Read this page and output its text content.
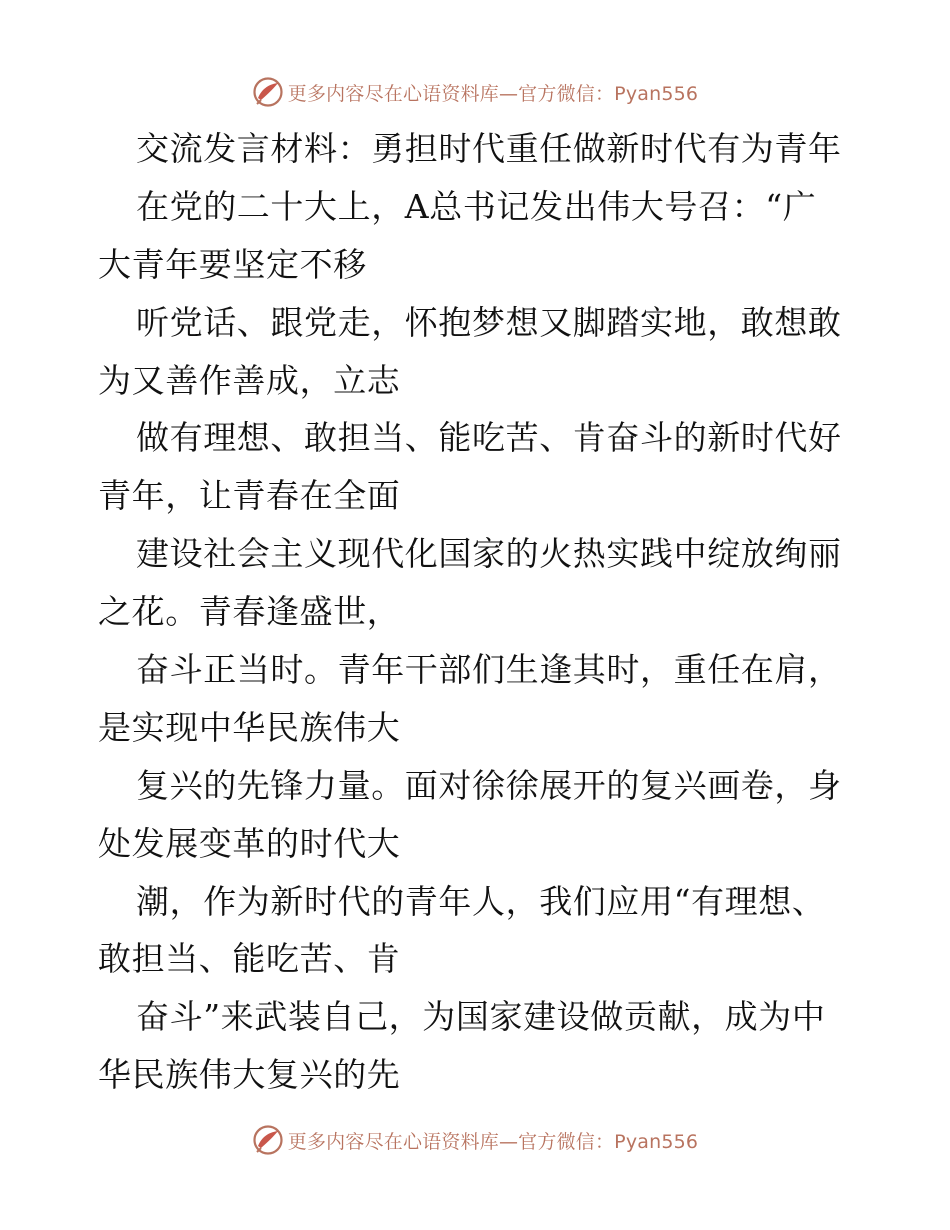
更多内容尽在心语资料库—官方微信：Pyan556
交流发言材料：勇担时代重任做新时代有为青年
在党的二十大上，A总书记发出伟大号召：“广
大青年要坚定不移
听党话、跟党走，怀抱梦想又脚踏实地，敢想敢
为又善作善成，立志
做有理想、敢担当、能吃苦、肯奋斗的新时代好
青年，让青春在全面
建设社会主义现代化国家的火热实践中绽放绚丽
之花。青春逢盛世，
奋斗正当时。青年干部们生逢其时，重任在肩，
是实现中华民族伟大
复兴的先锋力量。面对徐徐展开的复兴画卷，身
处发展变革的时代大
潮，作为新时代的青年人，我们应用“有理想、
敢担当、能吃苦、肯
奋斗”来武装自己，为国家建设做贡献，成为中
华民族伟大复兴的先
更多内容尽在心语资料库—官方微信：Pyan556
